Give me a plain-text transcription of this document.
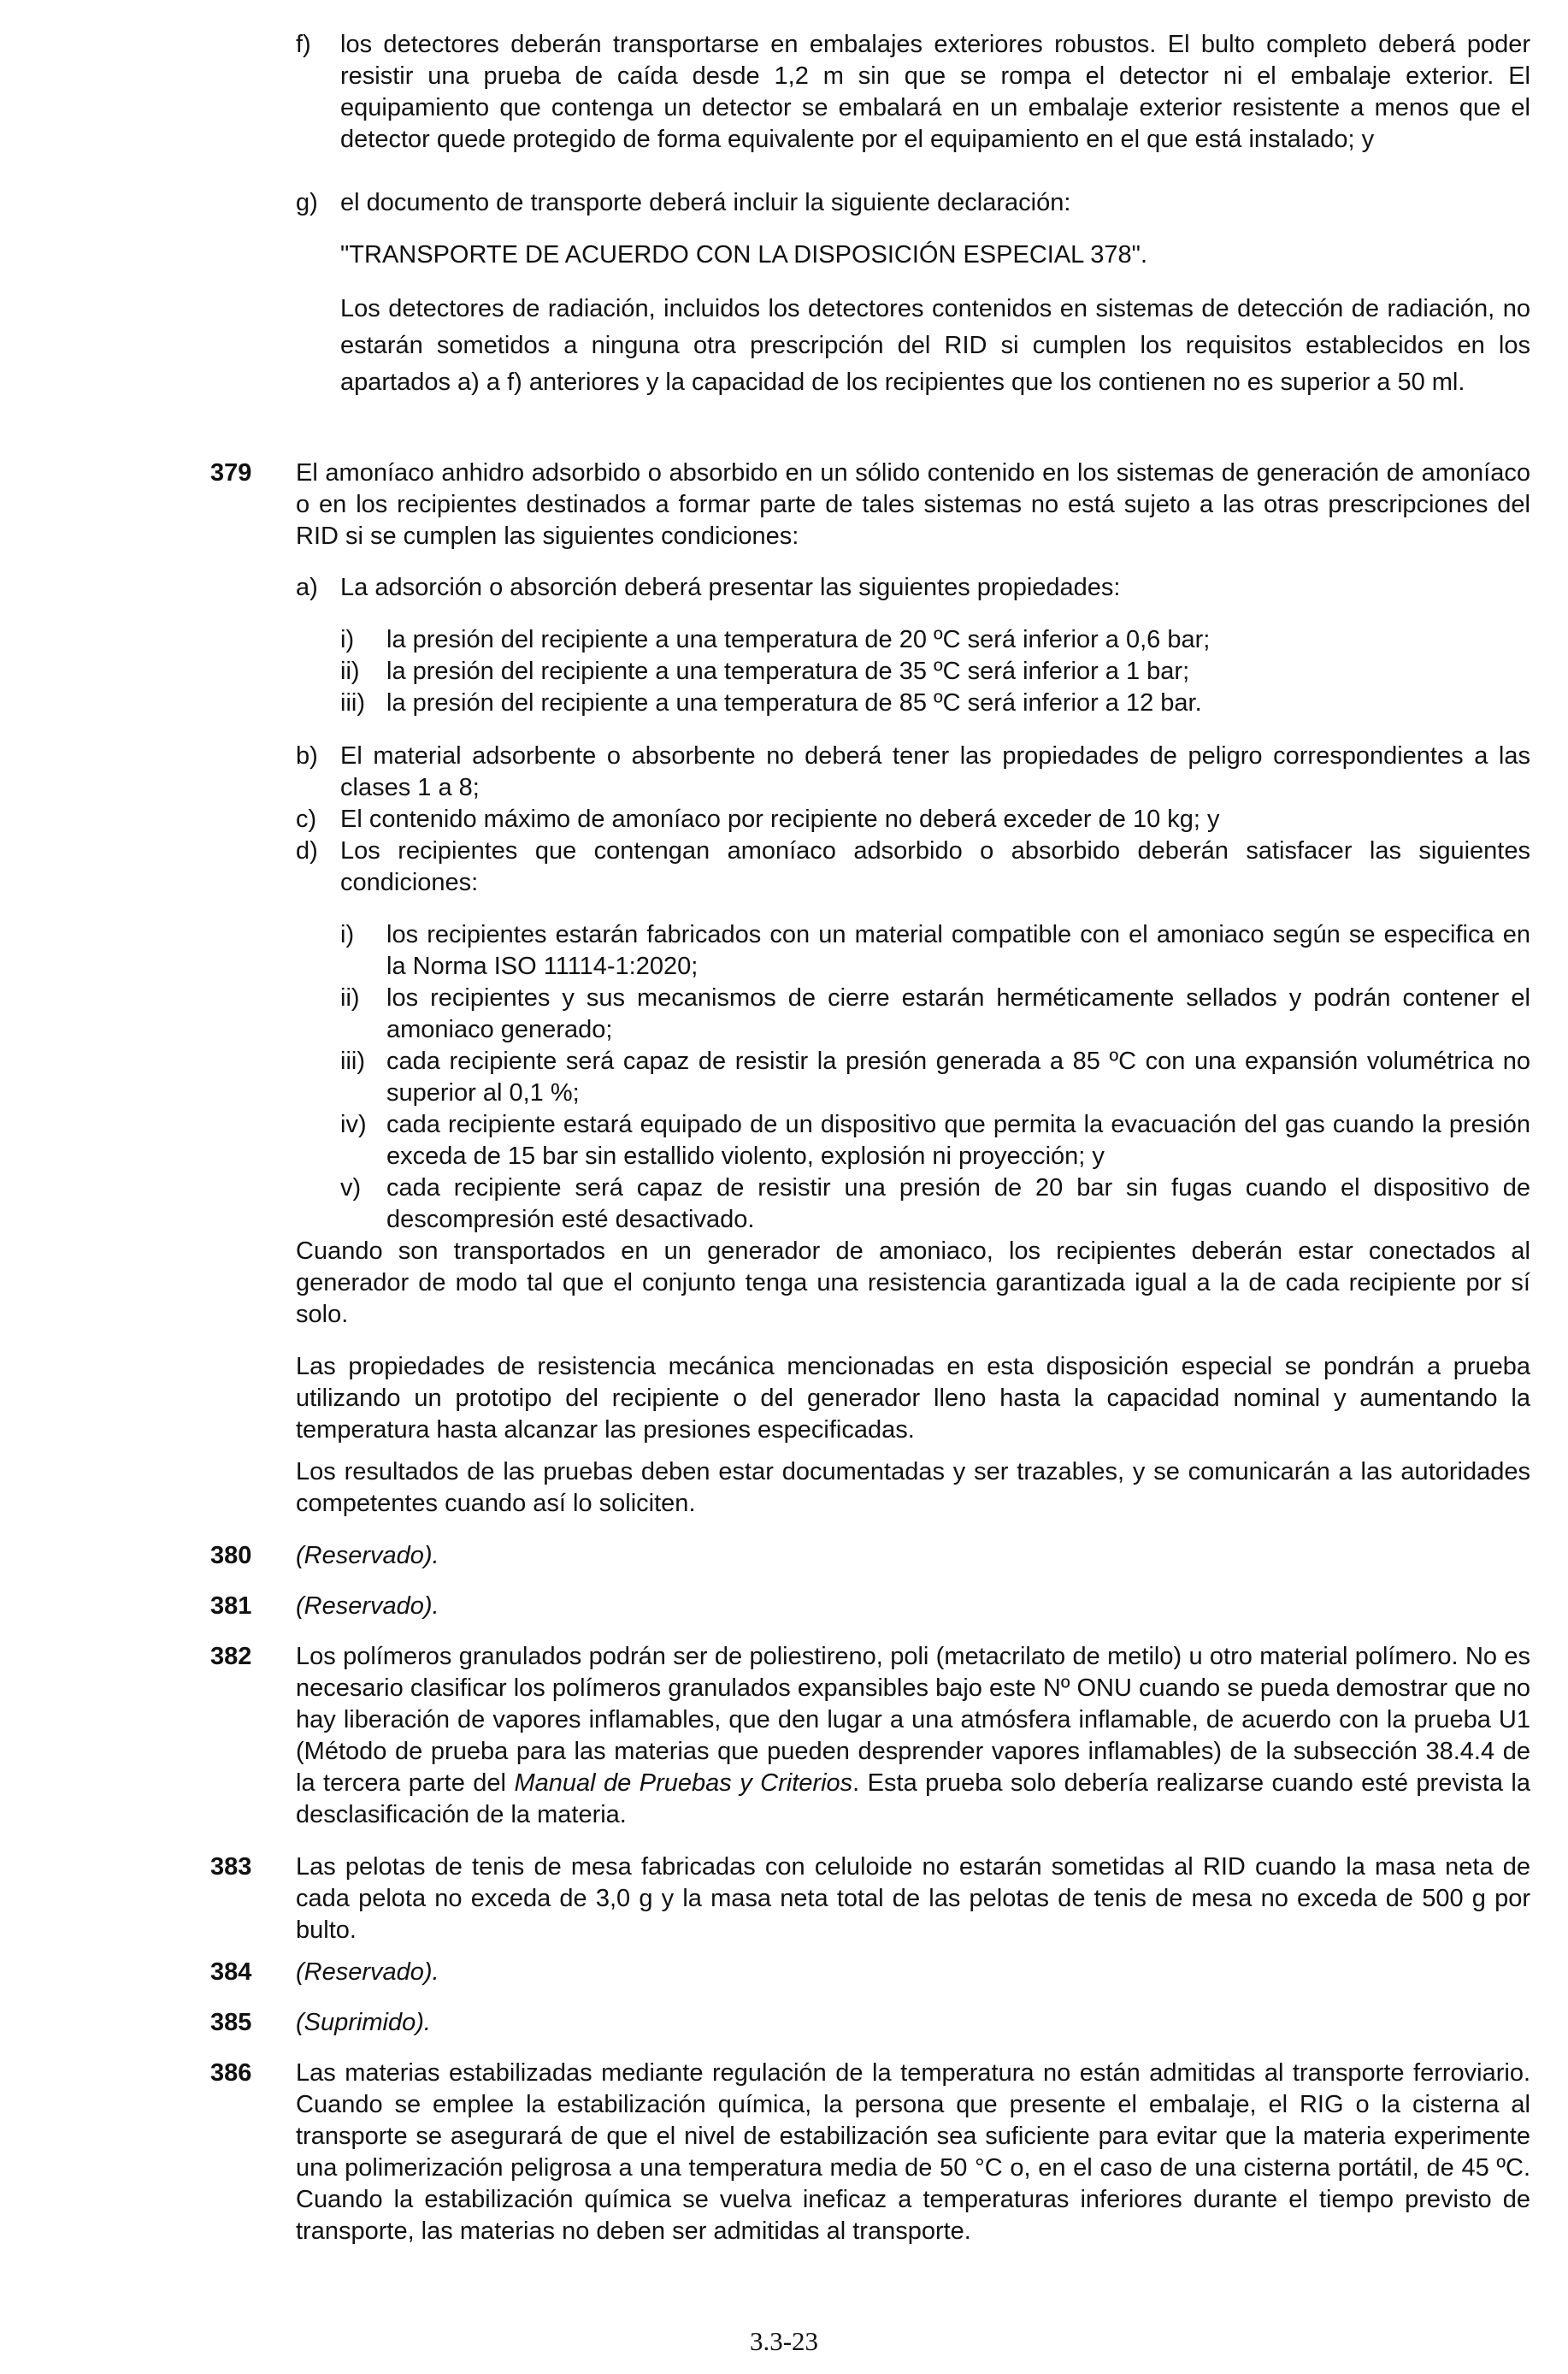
f) los detectores deberán transportarse en embalajes exteriores robustos. El bulto completo deberá poder resistir una prueba de caída desde 1,2 m sin que se rompa el detector ni el embalaje exterior. El equipamiento que contenga un detector se embalará en un embalaje exterior resistente a menos que el detector quede protegido de forma equivalente por el equipamiento en el que está instalado; y
g) el documento de transporte deberá incluir la siguiente declaración:
"TRANSPORTE DE ACUERDO CON LA DISPOSICIÓN ESPECIAL 378".
Los detectores de radiación, incluidos los detectores contenidos en sistemas de detección de radiación, no estarán sometidos a ninguna otra prescripción del RID si cumplen los requisitos establecidos en los apartados a) a f) anteriores y la capacidad de los recipientes que los contienen no es superior a 50 ml.
379 El amoníaco anhidro adsorbido o absorbido en un sólido contenido en los sistemas de generación de amoníaco o en los recipientes destinados a formar parte de tales sistemas no está sujeto a las otras prescripciones del RID si se cumplen las siguientes condiciones:
a) La adsorción o absorción deberá presentar las siguientes propiedades:
i) la presión del recipiente a una temperatura de 20 ºC será inferior a 0,6 bar;
ii) la presión del recipiente a una temperatura de 35 ºC será inferior a 1 bar;
iii) la presión del recipiente a una temperatura de 85 ºC será inferior a 12 bar.
b) El material adsorbente o absorbente no deberá tener las propiedades de peligro correspondientes a las clases 1 a 8;
c) El contenido máximo de amoníaco por recipiente no deberá exceder de 10 kg; y
d) Los recipientes que contengan amoníaco adsorbido o absorbido deberán satisfacer las siguientes condiciones:
i) los recipientes estarán fabricados con un material compatible con el amoniaco según se especifica en la Norma ISO 11114-1:2020;
ii) los recipientes y sus mecanismos de cierre estarán herméticamente sellados y podrán contener el amoniaco generado;
iii) cada recipiente será capaz de resistir la presión generada a 85 ºC con una expansión volumétrica no superior al 0,1 %;
iv) cada recipiente estará equipado de un dispositivo que permita la evacuación del gas cuando la presión exceda de 15 bar sin estallido violento, explosión ni proyección; y
v) cada recipiente será capaz de resistir una presión de 20 bar sin fugas cuando el dispositivo de descompresión esté desactivado.
Cuando son transportados en un generador de amoniaco, los recipientes deberán estar conectados al generador de modo tal que el conjunto tenga una resistencia garantizada igual a la de cada recipiente por sí solo.
Las propiedades de resistencia mecánica mencionadas en esta disposición especial se pondrán a prueba utilizando un prototipo del recipiente o del generador lleno hasta la capacidad nominal y aumentando la temperatura hasta alcanzar las presiones especificadas.
Los resultados de las pruebas deben estar documentadas y ser trazables, y se comunicarán a las autoridades competentes cuando así lo soliciten.
380 (Reservado).
381 (Reservado).
382 Los polímeros granulados podrán ser de poliestireno, poli (metacrilato de metilo) u otro material polímero. No es necesario clasificar los polímeros granulados expansibles bajo este Nº ONU cuando se pueda demostrar que no hay liberación de vapores inflamables, que den lugar a una atmósfera inflamable, de acuerdo con la prueba U1 (Método de prueba para las materias que pueden desprender vapores inflamables) de la subsección 38.4.4 de la tercera parte del Manual de Pruebas y Criterios. Esta prueba solo debería realizarse cuando esté prevista la desclasificación de la materia.
383 Las pelotas de tenis de mesa fabricadas con celuloide no estarán sometidas al RID cuando la masa neta de cada pelota no exceda de 3,0 g y la masa neta total de las pelotas de tenis de mesa no exceda de 500 g por bulto.
384 (Reservado).
385 (Suprimido).
386 Las materias estabilizadas mediante regulación de la temperatura no están admitidas al transporte ferroviario. Cuando se emplee la estabilización química, la persona que presente el embalaje, el RIG o la cisterna al transporte se asegurará de que el nivel de estabilización sea suficiente para evitar que la materia experimente una polimerización peligrosa a una temperatura media de 50 °C o, en el caso de una cisterna portátil, de 45 ºC. Cuando la estabilización química se vuelva ineficaz a temperaturas inferiores durante el tiempo previsto de transporte, las materias no deben ser admitidas al transporte.
3.3-23
